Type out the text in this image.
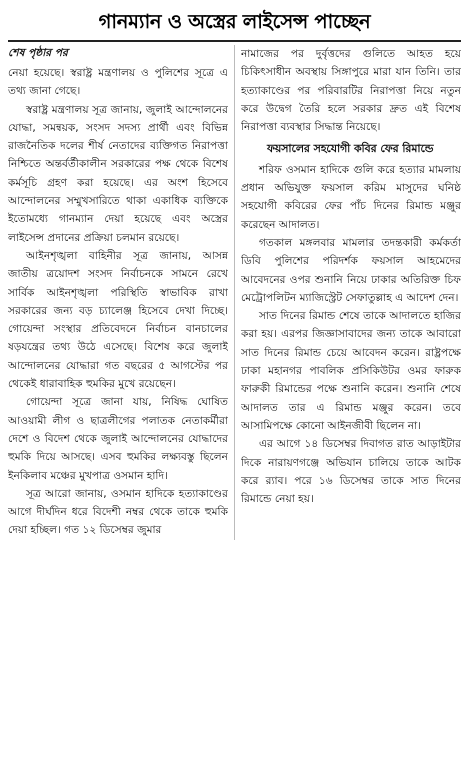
গানম্যান ও অস্ত্রের লাইসেন্স পাচ্ছেন
শেষ পৃষ্ঠার পর

নেয়া হয়েছে। স্বরাষ্ট্র মন্ত্রণালয় ও পুলিশের সূত্রে এ তথ্য জানা গেছে।

স্বরাষ্ট্র মন্ত্রণালয় সূত্র জানায়, জুলাই আন্দোলনের যোদ্ধা, সমন্বয়ক, সংসদ সদস্য প্রার্থী এবং বিভিন্ন রাজনৈতিক দলের শীর্ষ নেতাদের ব্যক্তিগত নিরাপত্তা নিশ্চিতে অন্তর্বর্তীকালীন সরকারের পক্ষ থেকে বিশেষ কর্মসূচি গ্রহণ করা হয়েছে। এর অংশ হিসেবে আন্দোলনের সম্মুখসারিতে থাকা একাধিক ব্যক্তিকে ইতোমধ্যে গানম্যান দেয়া হয়েছে এবং অস্ত্রের লাইসেন্স প্রদানের প্রক্রিয়া চলমান রয়েছে।

আইনশৃঙ্খলা বাহিনীর সূত্র জানায়, আসন্ন জাতীয় ত্রয়োদশ সংসদ নির্বাচনকে সামনে রেখে সার্বিক আইনশৃঙ্খলা পরিস্থিতি স্বাভাবিক রাখা সরকারের জন্য বড় চ্যালেঞ্জ হিসেবে দেখা দিচ্ছে। গোয়েন্দা সংস্থার প্রতিবেদনে নির্বাচন বানচালের ষড়যন্ত্রের তথ্য উঠে এসেছে। বিশেষ করে জুলাই আন্দোলনের যোদ্ধারা গত বছরের ৫ আগস্টের পর থেকেই ধারাবাহিক হুমকির মুখে রয়েছেন।

গোয়েন্দা সূত্রে জানা যায়, নিষিদ্ধ ঘোষিত আওয়ামী লীগ ও ছাত্রলীগের পলাতক নেতাকর্মীরা দেশে ও বিদেশ থেকে জুলাই আন্দোলনের যোদ্ধাদের হুমকি দিয়ে আসছে। এসব হুমকির লক্ষ্যবস্তু ছিলেন ইনকিলাব মঞ্চের মুখপাত্র ওসমান হাদি।

সূত্র আরো জানায়, ওসমান হাদিকে হত্যাকাণ্ডের আগে দীর্ঘদিন ধরে বিদেশী নম্বর থেকে তাকে হুমকি দেয়া হচ্ছিল। গত ১২ ডিসেম্বর জুমার

নামাজের পর দুর্বৃত্তদের গুলিতে আহত হয়ে চিকিৎসাধীন অবস্থায় সিঙ্গাপুরে মারা যান তিনি। তার হত্যাকাণ্ডের পর পরিবারটির নিরাপত্তা নিয়ে নতুন করে উদ্বেগ তৈরি হলে সরকার দ্রুত এই বিশেষ নিরাপত্তা ব্যবস্থার সিদ্ধান্ত নিয়েছে।

ফয়সালের সহযোগী কবির ফের রিমান্ডে

শরিফ ওসমান হাদিকে গুলি করে হত্যার মামলায় প্রধান অভিযুক্ত ফয়সাল করিম মাসুদের ঘনিষ্ঠ সহযোগী কবিরের ফের পাঁচ দিনের রিমান্ড মঞ্জুর করেছেন আদালত।

গতকাল মঙ্গলবার মামলার তদন্তকারী কর্মকর্তা ডিবি পুলিশের পরিদর্শক ফয়সাল আহমেদের আবেদনের ওপর শুনানি নিয়ে ঢাকার অতিরিক্ত চিফ মেট্রোপলিটন ম্যাজিস্ট্রেট সেফাতুল্লাহ এ আদেশ দেন।

সাত দিনের রিমান্ড শেষে তাকে আদালতে হাজির করা হয়। এরপর জিজ্ঞাসাবাদের জন্য তাকে আবারো সাত দিনের রিমান্ড চেয়ে আবেদন করেন। রাষ্ট্রপক্ষে ঢাকা মহানগর পাবলিক প্রসিকিউটর ওমর ফারুক ফারুকী রিমান্ডের পক্ষে শুনানি করেন। শুনানি শেষে আদালত তার এ রিমান্ড মঞ্জুর করেন। তবে আসামিপক্ষে কোনো আইনজীবী ছিলেন না।

এর আগে ১৪ ডিসেম্বর দিবাগত রাত আড়াইটার দিকে নারায়ণগঞ্জে অভিযান চালিয়ে তাকে আটক করে র‍্যাব। পরে ১৬ ডিসেম্বর তাকে সাত দিনের রিমান্ডে নেয়া হয়।
